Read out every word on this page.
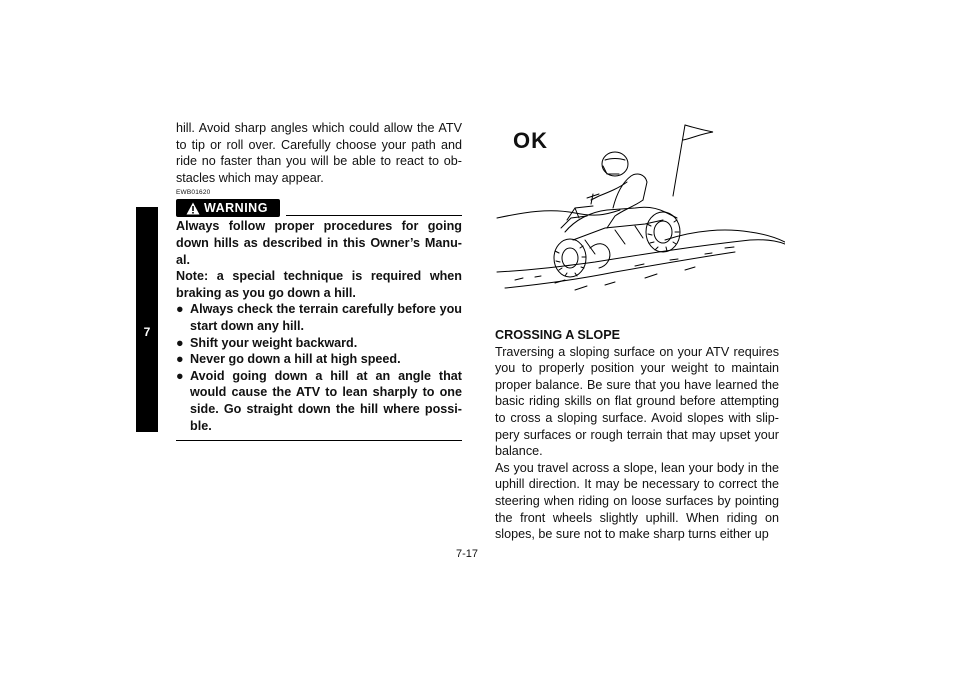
7

hill. Avoid sharp angles which could allow the ATV to tip or roll over. Carefully choose your path and ride no faster than you will be able to react to ob-stacles which may appear.

EWB01620
WARNING

Always follow proper procedures for going down hills as described in this Owner’s Manu-al.

Note: a special technique is required when braking as you go down a hill.

● Always check the terrain carefully before you start down any hill.
● Shift your weight backward.
● Never go down a hill at high speed.
● Avoid going down a hill at an angle that would cause the ATV to lean sharply to one side. Go straight down the hill where possi-ble.
OK

CROSSING A SLOPE

Traversing a sloping surface on your ATV requires you to properly position your weight to maintain proper balance. Be sure that you have learned the basic riding skills on flat ground before attempting to cross a sloping surface. Avoid slopes with slip-pery surfaces or rough terrain that may upset your balance.

As you travel across a slope, lean your body in the uphill direction. It may be necessary to correct the steering when riding on loose surfaces by pointing the front wheels slightly uphill. When riding on slopes, be sure not to make sharp turns either up

7-17
